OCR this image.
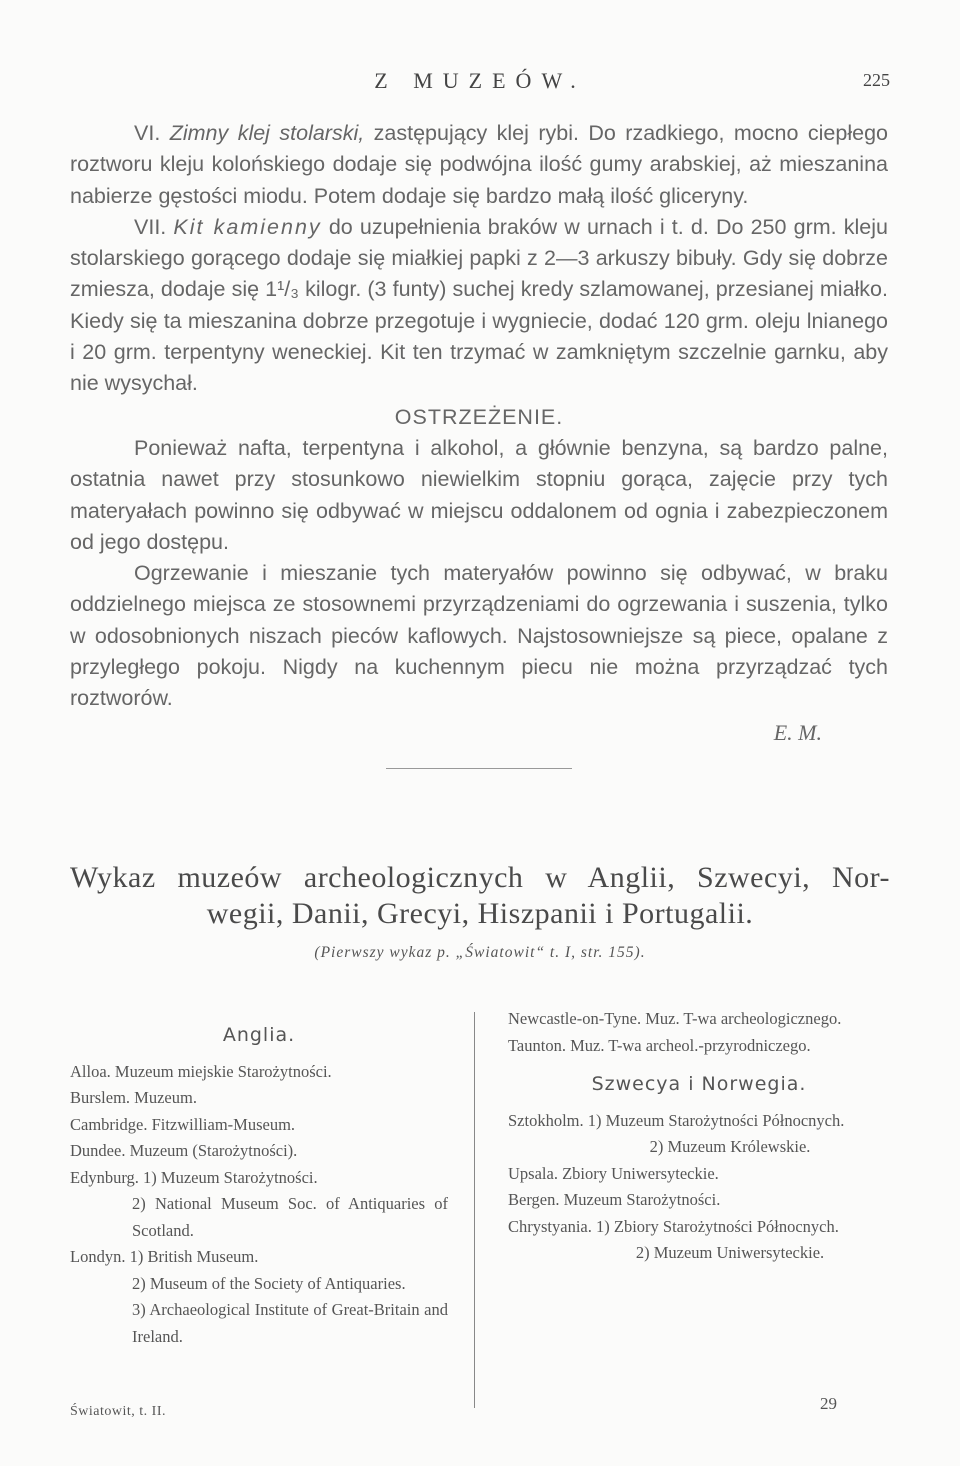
Z MUZEÓW.	225

VI. Zimny klej stolarski, zastępujący klej rybi. Do rzadkiego, mocno ciepłego roztworu kleju kolońskiego dodaje się podwójna ilość gumy arabskiej, aż mieszanina nabierze gęstości miodu. Potem dodaje się bardzo małą ilość gliceryny.

VII. Kit kamienny do uzupełnienia braków w urnach i t. d. Do 250 grm. kleju stolarskiego gorącego dodaje się miałkiej papki z 2—3 arkuszy bibuły. Gdy się dobrze zmiesza, dodaje się 1¹/₃ kilogr. (3 funty) suchej kredy szlamowanej, przesianej miałko. Kiedy się ta mieszanina dobrze przegotuje i wygniecie, dodać 120 grm. oleju lnianego i 20 grm. terpentyny weneckiej. Kit ten trzymać w zamkniętym szczelnie garnku, aby nie wysychał.

OSTRZEŻENIE.

Ponieważ nafta, terpentyna i alkohol, a głównie benzyna, są bardzo palne, ostatnia nawet przy stosunkowo niewielkim stopniu gorąca, zajęcie przy tych materyałach powinno się odbywać w miejscu oddalonem od ognia i zabezpieczonem od jego dostępu.

Ogrzewanie i mieszanie tych materyałów powinno się odbywać, w braku oddzielnego miejsca ze stosownemi przyrządzeniami do ogrzewania i suszenia, tylko w odosobnionych niszach pieców kaflowych. Najstosowniejsze są piece, opalane z przyległego pokoju. Nigdy na kuchennym piecu nie można przyrządzać tych roztworów.

E. M.
Wykaz muzeów archeologicznych w Anglii, Szwecyi, Nor-
wegii, Danii, Grecyi, Hiszpanii i Portugalii.
(Pierwszy wykaz p. „Światowit“ t. I, str. 155).
Anglia.
Alloa. Muzeum miejskie Starożytności.
Burslem. Muzeum.
Cambridge. Fitzwilliam-Museum.
Dundee. Muzeum (Starożytności).
Edynburg. 1) Muzeum Starożytności.
2) National Museum Soc. of Antiquaries of Scotland.
Londyn. 1) British Museum.
2) Museum of the Society of Antiquaries.
3) Archaeological Institute of Great-Britain and Ireland.
Newcastle-on-Tyne. Muz. T-wa archeologicznego.
Taunton. Muz. T-wa archeol.-przyrodniczego.
Szwecya i Norwegia.
Sztokholm. 1) Muzeum Starożytności Północnych.
2) Muzeum Królewskie.
Upsala. Zbiory Uniwersyteckie.
Bergen. Muzeum Starożytności.
Chrystyania. 1) Zbiory Starożytności Północnych.
2) Muzeum Uniwersyteckie.
Światowit, t. II.	29
